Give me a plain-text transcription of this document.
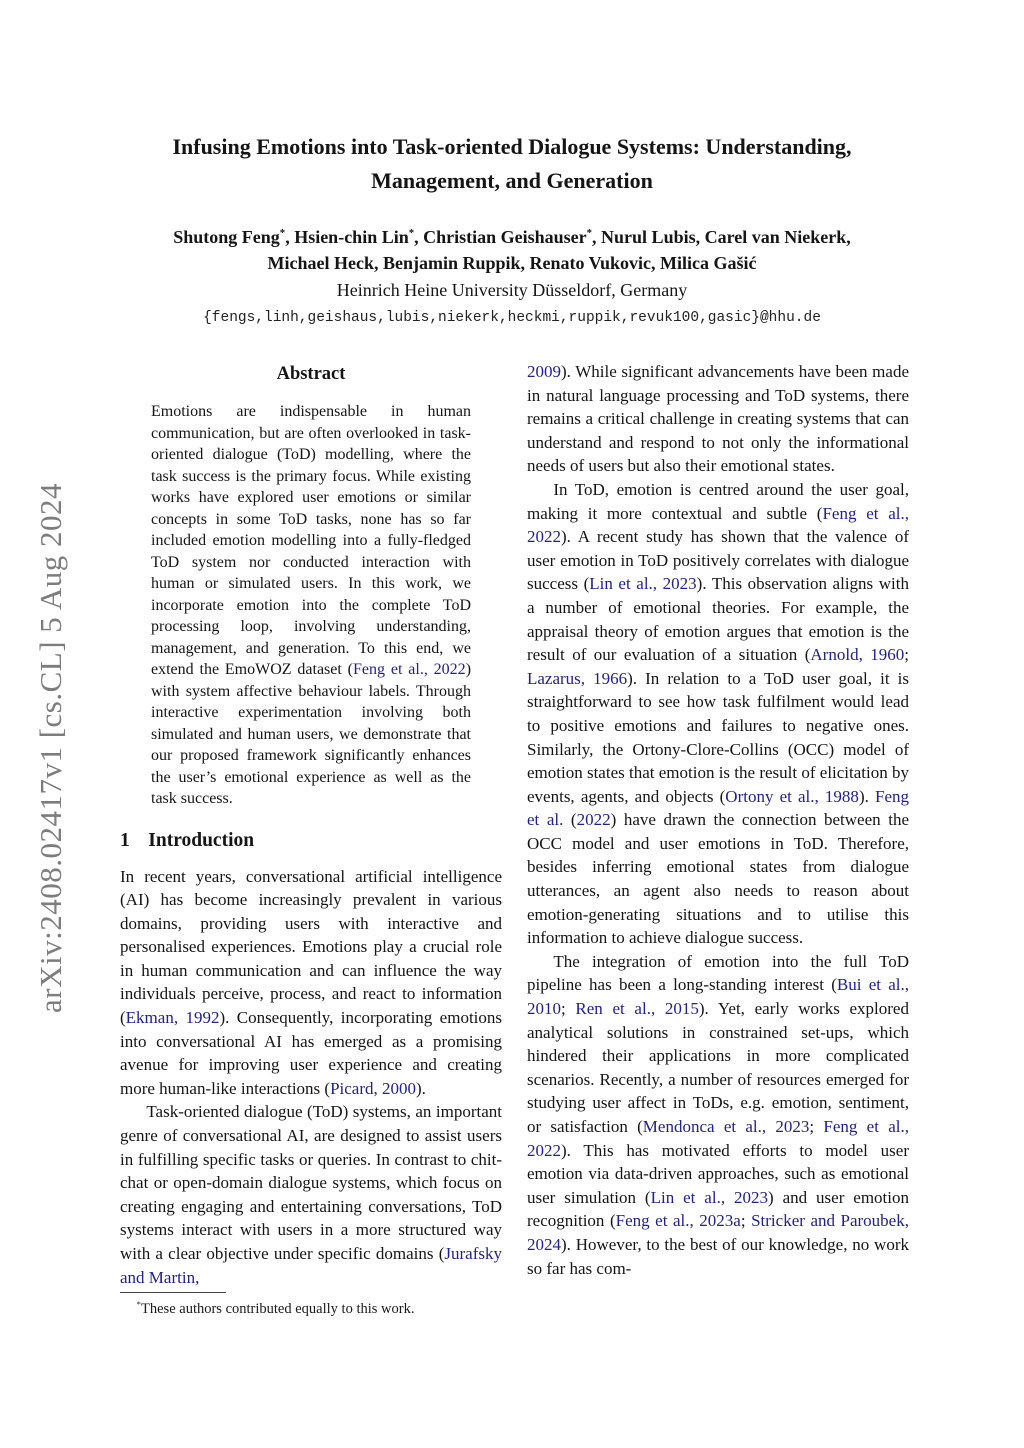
arXiv:2408.02417v1 [cs.CL] 5 Aug 2024
Infusing Emotions into Task-oriented Dialogue Systems: Understanding, Management, and Generation
Shutong Feng*, Hsien-chin Lin*, Christian Geishauser*, Nurul Lubis, Carel van Niekerk,
Michael Heck, Benjamin Ruppik, Renato Vukovic, Milica Gašić
Heinrich Heine University Düsseldorf, Germany
{fengs,linh,geishaus,lubis,niekerk,heckmi,ruppik,revuk100,gasic}@hhu.de
Abstract

Emotions are indispensable in human communication, but are often overlooked in task-oriented dialogue (ToD) modelling, where the task success is the primary focus. While existing works have explored user emotions or similar concepts in some ToD tasks, none has so far included emotion modelling into a fully-fledged ToD system nor conducted interaction with human or simulated users. In this work, we incorporate emotion into the complete ToD processing loop, involving understanding, management, and generation. To this end, we extend the EmoWOZ dataset (Feng et al., 2022) with system affective behaviour labels. Through interactive experimentation involving both simulated and human users, we demonstrate that our proposed framework significantly enhances the user’s emotional experience as well as the task success.

1 Introduction

In recent years, conversational artificial intelligence (AI) has become increasingly prevalent in various domains, providing users with interactive and personalised experiences. Emotions play a crucial role in human communication and can influence the way individuals perceive, process, and react to information (Ekman, 1992). Consequently, incorporating emotions into conversational AI has emerged as a promising avenue for improving user experience and creating more human-like interactions (Picard, 2000).

Task-oriented dialogue (ToD) systems, an important genre of conversational AI, are designed to assist users in fulfilling specific tasks or queries. In contrast to chit-chat or open-domain dialogue systems, which focus on creating engaging and entertaining conversations, ToD systems interact with users in a more structured way with a clear objective under specific domains (Jurafsky and Martin,

2009). While significant advancements have been made in natural language processing and ToD systems, there remains a critical challenge in creating systems that can understand and respond to not only the informational needs of users but also their emotional states.

In ToD, emotion is centred around the user goal, making it more contextual and subtle (Feng et al., 2022). A recent study has shown that the valence of user emotion in ToD positively correlates with dialogue success (Lin et al., 2023). This observation aligns with a number of emotional theories. For example, the appraisal theory of emotion argues that emotion is the result of our evaluation of a situation (Arnold, 1960; Lazarus, 1966). In relation to a ToD user goal, it is straightforward to see how task fulfilment would lead to positive emotions and failures to negative ones. Similarly, the Ortony-Clore-Collins (OCC) model of emotion states that emotion is the result of elicitation by events, agents, and objects (Ortony et al., 1988). Feng et al. (2022) have drawn the connection between the OCC model and user emotions in ToD. Therefore, besides inferring emotional states from dialogue utterances, an agent also needs to reason about emotion-generating situations and to utilise this information to achieve dialogue success.

The integration of emotion into the full ToD pipeline has been a long-standing interest (Bui et al., 2010; Ren et al., 2015). Yet, early works explored analytical solutions in constrained set-ups, which hindered their applications in more complicated scenarios. Recently, a number of resources emerged for studying user affect in ToDs, e.g. emotion, sentiment, or satisfaction (Mendonca et al., 2023; Feng et al., 2022). This has motivated efforts to model user emotion via data-driven approaches, such as emotional user simulation (Lin et al., 2023) and user emotion recognition (Feng et al., 2023a; Stricker and Paroubek, 2024). However, to the best of our knowledge, no work so far has com-

*These authors contributed equally to this work.
